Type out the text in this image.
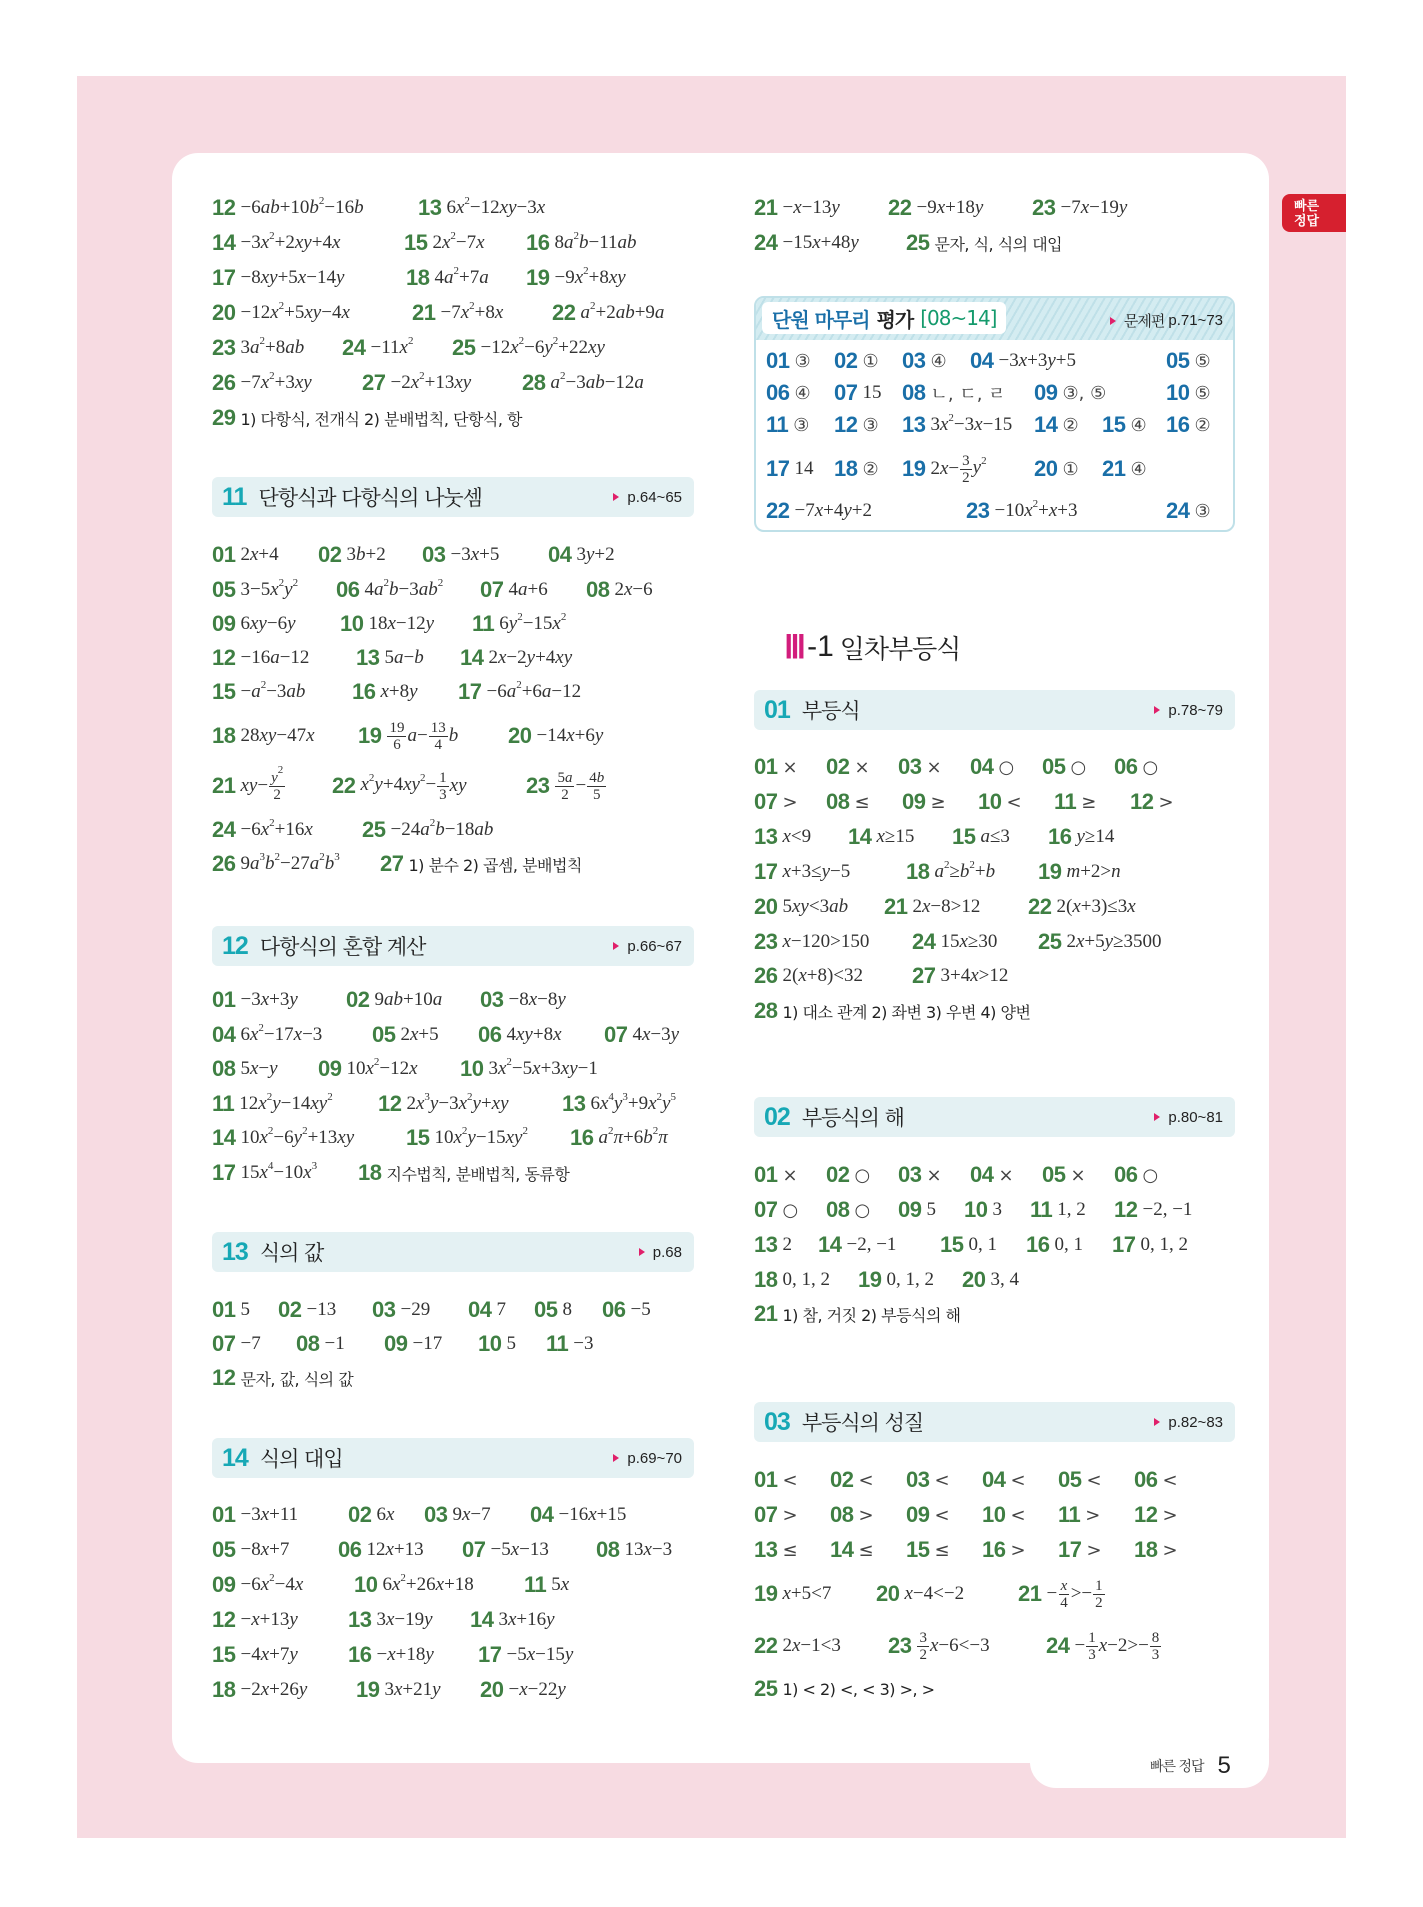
빠른
정답
Ⅲ -1 일차부등식
단원 마무리 평가 [08~14]	문제편 p.71~73
$12 -6ab+10b^2-16b$ 13 $6x^2-12xy-3x$
$14 -3x^2+2xy+4x$	15 $2x^2-7x$ 16 $8a^2b-11ab$
17 −8xy+5x−14y	18 $4a^2+7a$ $19 -9x^2+8xy$
$20 -12x^2+5xy-4x$	$21 -7x^2+8x$ 22 $a^2+2ab+9a$
23 $3a^2+8ab$ $24 -11x^2$ $25 -12x^2-6y^2+22xy$
$26 -7x^2+3xy$ $27 -2x^2+13xy$ 28 $a^2-3ab-12a$
29 1) 다항식, 전개식 2) 분배법칙, 단항식, 항
11 단항식과 다항식의 나눗셈	p.64~65
01 2x+4 02 3b+2 03 −3x+5 04 3y+2
05 $3-5x^2y^2$ 06 $4a^2b-3ab^2$ 07 4a+6 08 2x−6
09 6xy−6y 10 18x−12y 11 $6y^2-15x^2$
12 −16a−12 13 5a−b 14 2x−2y+4xy
$15 -a^2-3ab$ 16 x+8y $17 -6a^2+6a-12$
18 28xy−47x $19 \frac{19}{6} a- \frac{13}{4}$ b 20 −14x+6y
21 $xy- \frac{y^2}{2} 22$ $x^2y+4xy^2- \frac{1}{3}$ xy	$23 \frac{5a}{2} - \frac{4b}{5}$
$24 -6x^2+16x$ $25 -24a^2b-18ab$
26 $9a^3b^2-27a^2b^3$ 27 1) 분수 2) 곱셈, 분배법칙
12 다항식의 혼합 계산	p.66~67
01 −3x+3y 02 9ab+10a 03 −8x−8y
04 $6x^2-17x-3$ 05 2x+5 06 4xy+8x 07 4x−3y
08 5x−y 09 $10x^2-12x$ 10 $3x^2-5x+3xy-1$
11 $12x^2y-14xy^2$ 12 $2x^3y-3x^2y+xy$ 13 $6x^4y^3+9x^2y^5$
14 $10x^2-6y^2+13xy$ 15 $10x^2y-15xy^2$ 16 $a^2\pi+6b^2\pi$
17 $15x^4-10x^3$ 18 지수법칙, 분배법칙, 동류항
13 식의 값	p.68
01 5 02 −13 03 −29 04 7 05 8 06 −5
07 −7 08 −1 09 −17 10 5 11 −3
12 문자, 값, 식의 값
14 식의 대입	p.69~70
01 −3x+11 02 6x 03 9x−7 04 −16x+15
05 −8x+7 06 12x+13 07 −5x−13 08 13x−3
$09 -6x^2-4x$ 10 $6x^2+26x+18$ 11 5x
12 −x+13y 13 3x−19y 14 3x+16y
15 −4x+7y 16 −x+18y 17 −5x−15y
18 −2x+26y 19 3x+21y 20 −x−22y
21 −x−13y 22 −9x+18y 23 −7x−19y
24 −15x+48y 25 문자, 식, 식의 대입
01 ③ 02 ① 03 ④ 04 −3x+3y+5	05 ⑤
06 ④ 07 15 08 ㄴ, ㄷ, ㄹ 09 ③, ⑤	10 ⑤
11 ③ 12 ③ 13 $3x^2-3x-15$ 14 ② 15 ④ 16 ②
17 14 18 ② 19 $2x- \frac{3}{2} y^2$ 20 ① 21 ④
22 −7x+4y+2	$23 -10x^2+x+3$	24 ③
01 부등식	p.78~79
01 × 02 × 03 × 04 ○ 05 ○ 06 ○
07 > 08 ≤ 09 ≥ 10 < 11 ≥ 12 >
13 x<9 14 x≥15 15 a≤3 16 y≥14
17 x+3≤y−5	18 $a^2\ge b^2+b$ 19 m+2>n
20 5xy<3ab 21 2x−8>12 22 2(x+3)≤3x
23 x−120>150 24 15x≥30 25 2x+5y≥3500
26 2(x+8)<32 27 3+4x>12
28 1) 대소 관계 2) 좌변 3) 우변 4) 양변
02 부등식의 해	p.80~81
01 × 02 ○ 03 × 04 × 05 × 06 ○
07 ○ 08 ○ 09 5 10 3 11 1, 2 12 −2, −1
13 2 14 −2, −1 15 0, 1 16 0, 1 17 0, 1, 2
18 0, 1, 2 19 0, 1, 2 20 3, 4
21 1) 참, 거짓 2) 부등식의 해
03 부등식의 성질	p.82~83
01 < 02 < 03 < 04 < 05 < 06 <
07 > 08 > 09 < 10 < 11 > 12 >
13 ≤ 14 ≤ 15 ≤ 16 > 17 > 18 >
19 x+5<7 20 x−4<−2 $21 - \frac{x}{4} >- \frac{1}{2}$
22 2x−1<3 $23 \frac{3}{2} x-6<-3$	$24 - \frac{1}{3} x-2>- \frac{8}{3}$
25 1) < 2) <, < 3) >, >
빠른 정답 5
